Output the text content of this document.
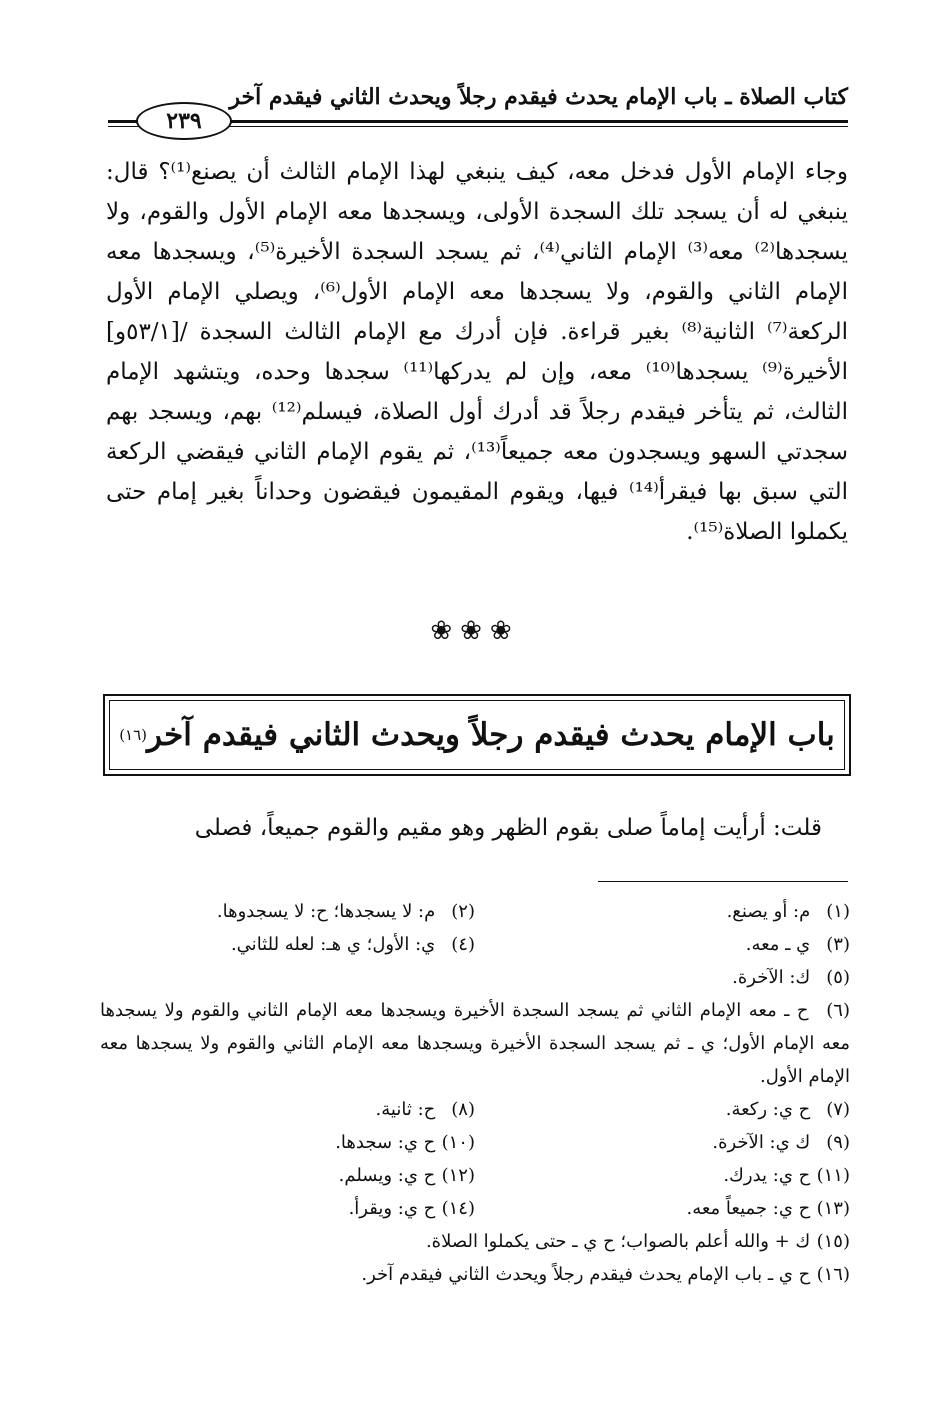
كتاب الصلاة ـ باب الإمام يحدث فيقدم رجلاً ويحدث الثاني فيقدم آخر
٢٣٩

وجاء الإمام الأول فدخل معه، كيف ينبغي لهذا الإمام الثالث أن يصنع⁽¹⁾؟ قال: ينبغي له أن يسجد تلك السجدة الأولى، ويسجدها معه الإمام الأول والقوم، ولا يسجدها⁽²⁾ معه⁽³⁾ الإمام الثاني⁽⁴⁾، ثم يسجد السجدة الأخيرة⁽⁵⁾، ويسجدها معه الإمام الثاني والقوم، ولا يسجدها معه الإمام الأول⁽⁶⁾، ويصلي الإمام الأول الركعة⁽⁷⁾ الثانية⁽⁸⁾ بغير قراءة. فإن أدرك مع الإمام الثالث السجدة /[٥٣/١و] الأخيرة⁽⁹⁾ يسجدها⁽¹⁰⁾ معه، وإن لم يدركها⁽¹¹⁾ سجدها وحده، ويتشهد الإمام الثالث، ثم يتأخر فيقدم رجلاً قد أدرك أول الصلاة، فيسلم⁽¹²⁾ بهم، ويسجد بهم سجدتي السهو ويسجدون معه جميعاً⁽¹³⁾، ثم يقوم الإمام الثاني فيقضي الركعة التي سبق بها فيقرأ⁽¹⁴⁾ فيها، ويقوم المقيمون فيقضون وحداناً بغير إمام حتى يكملوا الصلاة⁽¹⁵⁾.

❀❀❀
باب الإمام يحدث فيقدم رجلاً ويحدث الثاني فيقدم آخر
(١٦)
قلت: أرأيت إماماً صلى بقوم الظهر وهو مقيم والقوم جميعاً، فصلى
(١) م: أو يصنع.
(٢) م: لا يسجدها؛ ح: لا يسجدوها.
(٣) ي ـ معه.
(٤) ي: الأول؛ ي هـ: لعله للثاني.
(٥) ك: الآخرة.
(٦) ح ـ معه الإمام الثاني ثم يسجد السجدة الأخيرة ويسجدها معه الإمام الثاني والقوم ولا يسجدها معه الإمام الأول؛ ي ـ ثم يسجد السجدة الأخيرة ويسجدها معه الإمام الثاني والقوم ولا يسجدها معه الإمام الأول.
(٧) ح ي: ركعة.
(٨) ح: ثانية.
(٩) ك ي: الآخرة.
(١٠) ح ي: سجدها.
(١١) ح ي: يدرك.
(١٢) ح ي: ويسلم.
(١٣) ح ي: جميعاً معه.
(١٤) ح ي: ويقرأ.
(١٥) ك + والله أعلم بالصواب؛ ح ي ـ حتى يكملوا الصلاة.
(١٦) ح ي ـ باب الإمام يحدث فيقدم رجلاً ويحدث الثاني فيقدم آخر.
